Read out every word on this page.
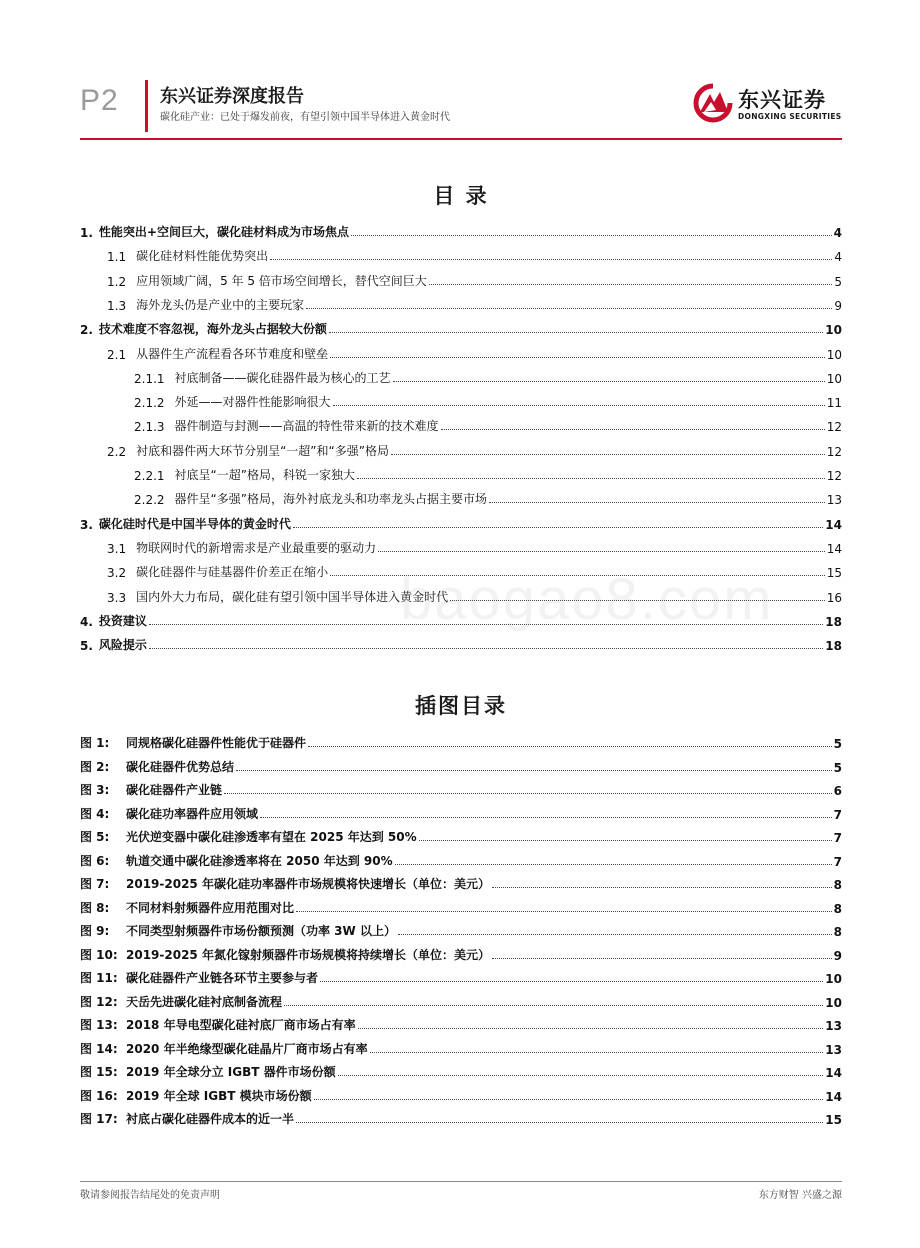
P2 东兴证券深度报告
碳化硅产业：已处于爆发前夜，有望引领中国半导体进入黄金时代
东兴证券
DONGXING SECURITIES
目 录
1. 性能突出+空间巨大，碳化硅材料成为市场焦点	4
1.1 碳化硅材料性能优势突出	4
1.2 应用领域广阔，5 年 5 倍市场空间增长，替代空间巨大	5
1.3 海外龙头仍是产业中的主要玩家	9
2. 技术难度不容忽视，海外龙头占据较大份额	10
2.1 从器件生产流程看各环节难度和壁垒	10
2.1.1 衬底制备——碳化硅器件最为核心的工艺	10
2.1.2 外延——对器件性能影响很大	11
2.1.3 器件制造与封测——高温的特性带来新的技术难度	12
2.2 衬底和器件两大环节分别呈“一超”和“多强”格局	12
2.2.1 衬底呈“一超”格局，科锐一家独大	12
2.2.2 器件呈“多强”格局，海外衬底龙头和功率龙头占据主要市场	13
3. 碳化硅时代是中国半导体的黄金时代	14
3.1 物联网时代的新增需求是产业最重要的驱动力	14
3.2 碳化硅器件与硅基器件价差正在缩小	15
3.3 国内外大力布局，碳化硅有望引领中国半导体进入黄金时代	16
4. 投资建议	18
5. 风险提示	18
插图目录
图 1:	同规格碳化硅器件性能优于硅器件	5
图 2:	碳化硅器件优势总结	5
图 3:	碳化硅器件产业链	6
图 4:	碳化硅功率器件应用领域	7
图 5:	光伏逆变器中碳化硅渗透率有望在 2025 年达到 50%	7
图 6:	轨道交通中碳化硅渗透率将在 2050 年达到 90%	7
图 7:	2019-2025 年碳化硅功率器件市场规模将快速增长（单位：美元）	8
图 8:	不同材料射频器件应用范围对比	8
图 9:	不同类型射频器件市场份额预测（功率 3W 以上）	8
图 10: 2019-2025 年氮化镓射频器件市场规模将持续增长（单位：美元）	9
图 11: 碳化硅器件产业链各环节主要参与者	10
图 12: 天岳先进碳化硅衬底制备流程	10
图 13: 2018 年导电型碳化硅衬底厂商市场占有率	13
图 14: 2020 年半绝缘型碳化硅晶片厂商市场占有率	13
图 15: 2019 年全球分立 IGBT 器件市场份额	14
图 16: 2019 年全球 IGBT 模块市场份额	14
图 17: 衬底占碳化硅器件成本的近一半	15
baogao8.com
敬请参阅报告结尾处的免责声明	东方财智 兴盛之源
